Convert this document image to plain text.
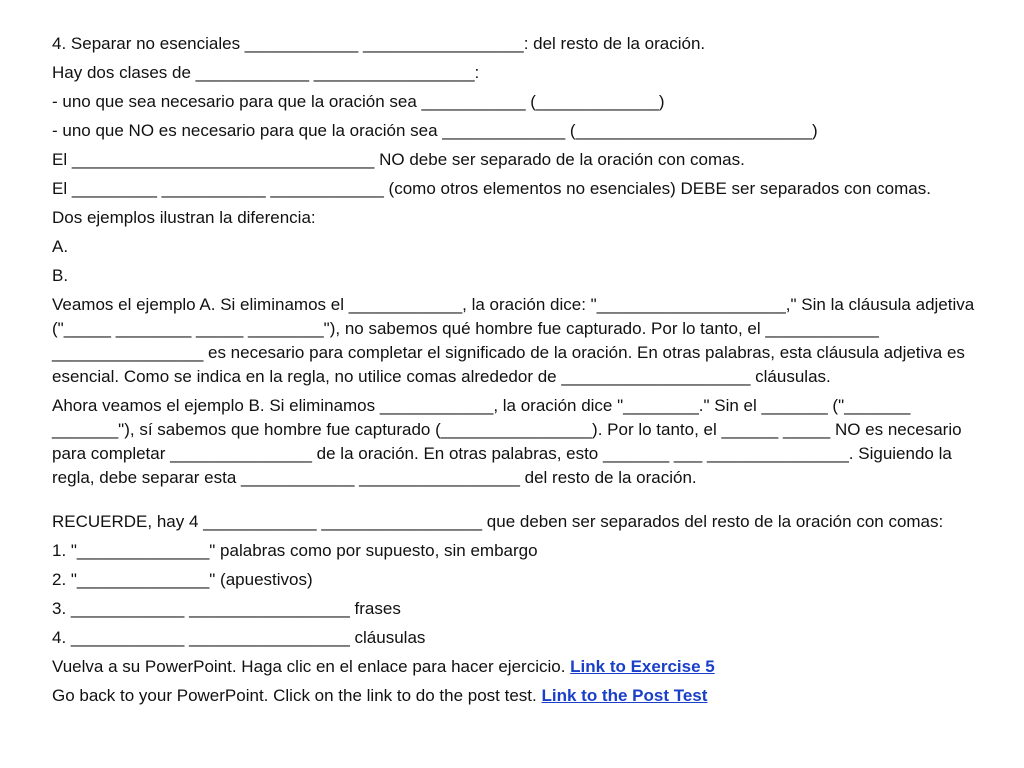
4. Separar no esenciales ____________ _________________: del resto de la oración.
Hay dos clases de ____________ _________________:
- uno que sea necesario para que la oración sea ___________ (_____________)
- uno que NO es necesario para que la oración sea _____________ (_________________________)
El ________________________________ NO debe ser separado de la oración con comas.
El _________ ___________ ____________ (como otros elementos no esenciales) DEBE ser separados con comas.
Dos ejemplos ilustran la diferencia:
A.
B.
Veamos el ejemplo A. Si eliminamos el ____________, la oración dice: "____________________," Sin la cláusula adjetiva ("_____ ________ _____ ________"), no sabemos qué hombre fue capturado. Por lo tanto, el ____________ ________________ es necesario para completar el significado de la oración. En otras palabras, esta cláusula adjetiva es esencial. Como se indica en la regla, no utilice comas alrededor de ____________________ cláusulas.
Ahora veamos el ejemplo B. Si eliminamos ____________, la oración dice "________." Sin el _______ ("_______ _______"), sí sabemos que hombre fue capturado (________________). Por lo tanto, el ______ _____ NO es necesario para completar _______________ de la oración. En otras palabras, esto _______ ___ _______________. Siguiendo la regla, debe separar esta ____________ _________________ del resto de la oración.
RECUERDE, hay 4 ____________ _________________ que deben ser separados del resto de la oración con comas:
1. "______________" palabras como por supuesto, sin embargo
2. "______________" (apuestivos)
3. ____________ _________________ frases
4. ____________ _________________ cláusulas
Vuelva a su PowerPoint. Haga clic en el enlace para hacer ejercicio. Link to Exercise 5
Go back to your PowerPoint. Click on the link to do the post test. Link to the Post Test
